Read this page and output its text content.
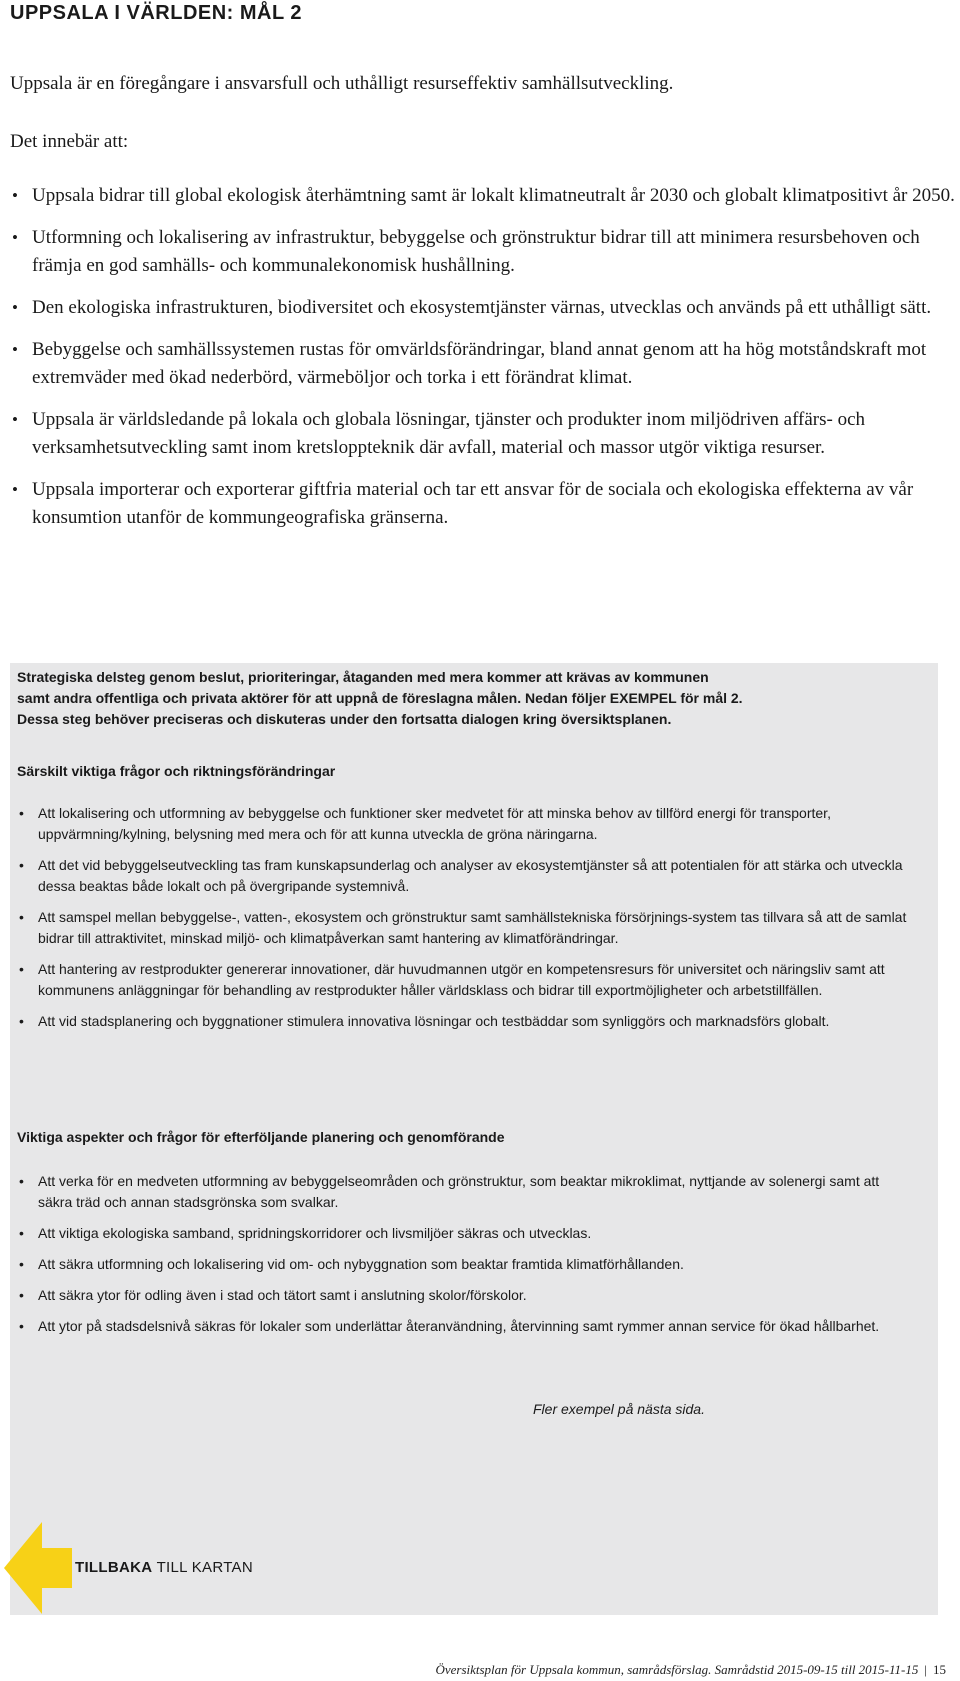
UPPSALA I VÄRLDEN: MÅL 2

Uppsala är en föregångare i ansvarsfull och uthålligt resurseffektiv samhällsutveckling.

Det innebär att:

• Uppsala bidrar till global ekologisk återhämtning samt är lokalt klimatneutralt år 2030 och globalt klimatpositivt år 2050.
• Utformning och lokalisering av infrastruktur, bebyggelse och grönstruktur bidrar till att minimera resursbehoven och främja en god samhälls- och kommunalekonomisk hushållning.
• Den ekologiska infrastrukturen, biodiversitet och ekosystemtjänster värnas, utvecklas och används på ett uthålligt sätt.
• Bebyggelse och samhällssystemen rustas för omvärldsförändringar, bland annat genom att ha hög motståndskraft mot extremväder med ökad nederbörd, värmeböljor och torka i ett förändrat klimat.
• Uppsala är världsledande på lokala och globala lösningar, tjänster och produkter inom miljödriven affärs- och verksamhetsutveckling samt inom kretsloppteknik där avfall, material och massor utgör viktiga resurser.
• Uppsala importerar och exporterar giftfria material och tar ett ansvar för de sociala och ekologiska effekterna av vår konsumtion utanför de kommungeografiska gränserna.

Strategiska delsteg genom beslut, prioriteringar, åtaganden med mera kommer att krävas av kommunen
samt andra offentliga och privata aktörer för att uppnå de föreslagna målen. Nedan följer EXEMPEL för mål 2.
Dessa steg behöver preciseras och diskuteras under den fortsatta dialogen kring översiktsplanen.

Särskilt viktiga frågor och riktningsförändringar
• Att lokalisering och utformning av bebyggelse och funktioner sker medvetet för att minska behov av tillförd energi för transporter, uppvärmning/kylning, belysning med mera och för att kunna utveckla de gröna näringarna.
• Att det vid bebyggelseutveckling tas fram kunskapsunderlag och analyser av ekosystemtjänster så att potentialen för att stärka och utveckla dessa beaktas både lokalt och på övergripande systemnivå.
• Att samspel mellan bebyggelse-, vatten-, ekosystem och grönstruktur samt samhällstekniska försörjnings-system tas tillvara så att de samlat bidrar till attraktivitet, minskad miljö- och klimatpåverkan samt hantering av klimatförändringar.
• Att hantering av restprodukter genererar innovationer, där huvudmannen utgör en kompetensresurs för universitet och näringsliv samt att kommunens anläggningar för behandling av restprodukter håller världsklass och bidrar till exportmöjligheter och arbetstillfällen.
• Att vid stadsplanering och byggnationer stimulera innovativa lösningar och testbäddar som synliggörs och marknadsförs globalt.
Viktiga aspekter och frågor för efterföljande planering och genomförande
• Att verka för en medveten utformning av bebyggelseområden och grönstruktur, som beaktar mikroklimat, nyttjande av solenergi samt att säkra träd och annan stadsgrönska som svalkar.
• Att viktiga ekologiska samband, spridningskorridorer och livsmiljöer säkras och utvecklas.
• Att säkra utformning och lokalisering vid om- och nybyggnation som beaktar framtida klimatförhållanden.
• Att säkra ytor för odling även i stad och tätort samt i anslutning skolor/förskolor.
• Att ytor på stadsdelsnivå säkras för lokaler som underlättar återanvändning, återvinning samt rymmer annan service för ökad hållbarhet.

Fler exempel på nästa sida.

TILLBAKA TILL KARTAN
Översiktsplan för Uppsala kommun, samrådsförslag. Samrådstid 2015-09-15 till 2015-11-15 | 15
